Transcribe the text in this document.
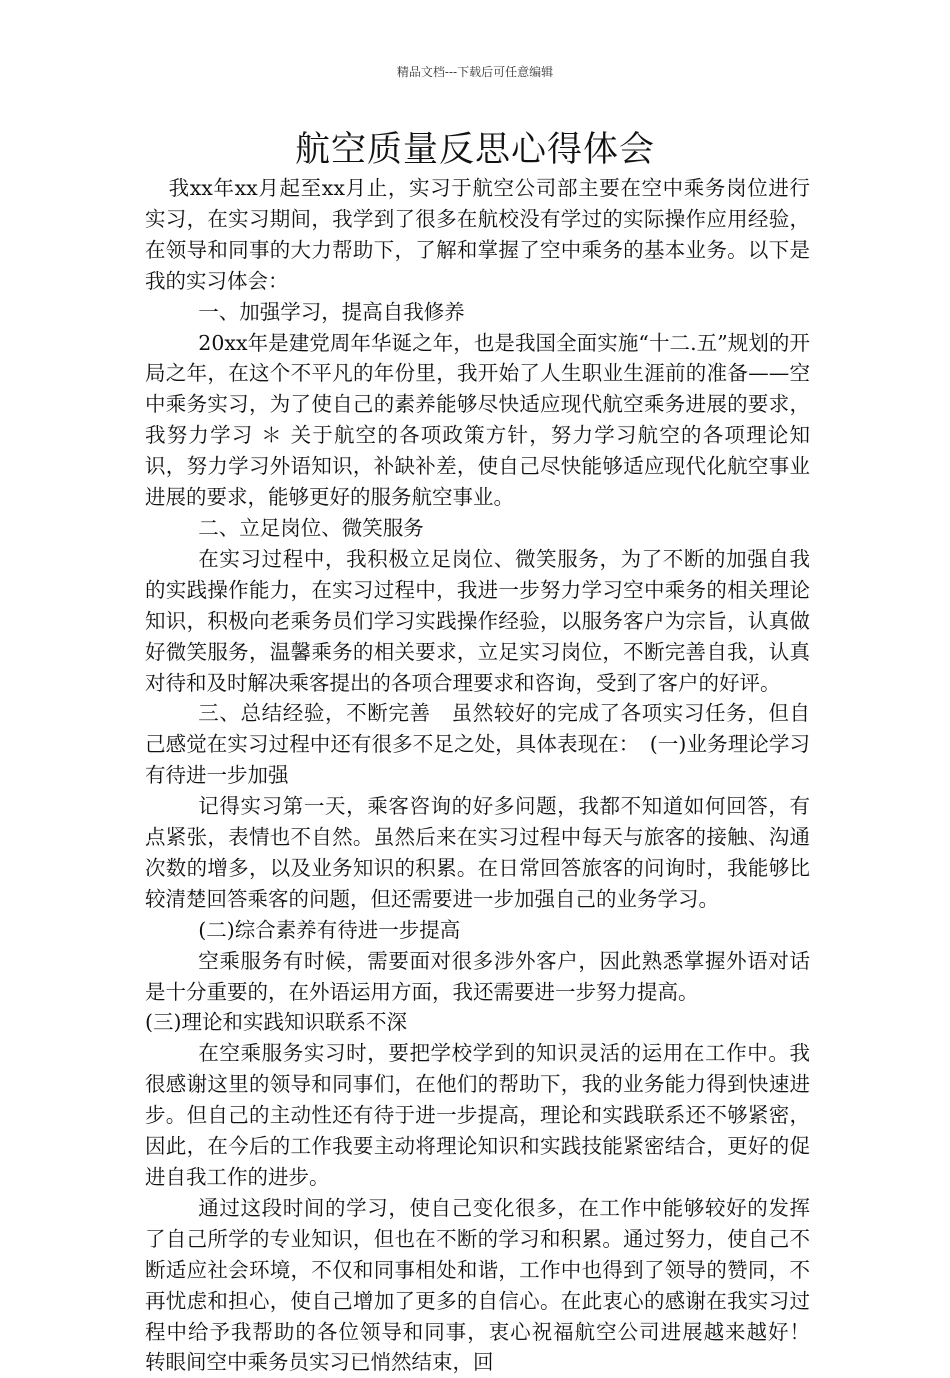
精品文档---下载后可任意编辑
航空质量反思心得体会

我xx年xx月起至xx月止，实习于航空公司部主要在空中乘务岗位进行实习，在实习期间，我学到了很多在航校没有学过的实际操作应用经验，在领导和同事的大力帮助下，了解和掌握了空中乘务的基本业务。以下是我的实习体会：

一、加强学习，提高自我修养

20xx年是建党周年华诞之年，也是我国全面实施“十二.五”规划的开局之年，在这个不平凡的年份里，我开始了人生职业生涯前的准备——空中乘务实习，为了使自己的素养能够尽快适应现代航空乘务进展的要求，我努力学习 ＊ 关于航空的各项政策方针，努力学习航空的各项理论知识，努力学习外语知识，补缺补差，使自己尽快能够适应现代化航空事业进展的要求，能够更好的服务航空事业。

二、立足岗位、微笑服务

在实习过程中，我积极立足岗位、微笑服务，为了不断的加强自我的实践操作能力，在实习过程中，我进一步努力学习空中乘务的相关理论知识，积极向老乘务员们学习实践操作经验，以服务客户为宗旨，认真做好微笑服务，温馨乘务的相关要求，立足实习岗位，不断完善自我，认真对待和及时解决乘客提出的各项合理要求和咨询，受到了客户的好评。

三、总结经验，不断完善　虽然较好的完成了各项实习任务，但自己感觉在实习过程中还有很多不足之处，具体表现在：　(一)业务理论学习有待进一步加强

记得实习第一天，乘客咨询的好多问题，我都不知道如何回答，有点紧张，表情也不自然。虽然后来在实习过程中每天与旅客的接触、沟通次数的增多，以及业务知识的积累。在日常回答旅客的问询时，我能够比较清楚回答乘客的问题，但还需要进一步加强自己的业务学习。

(二)综合素养有待进一步提高

空乘服务有时候，需要面对很多涉外客户，因此熟悉掌握外语对话是十分重要的，在外语运用方面，我还需要进一步努力提高。

(三)理论和实践知识联系不深

在空乘服务实习时，要把学校学到的知识灵活的运用在工作中。我很感谢这里的领导和同事们，在他们的帮助下，我的业务能力得到快速进步。但自己的主动性还有待于进一步提高，理论和实践联系还不够紧密，因此，在今后的工作我要主动将理论知识和实践技能紧密结合，更好的促进自我工作的进步。

通过这段时间的学习，使自己变化很多，在工作中能够较好的发挥了自己所学的专业知识，但也在不断的学习和积累。通过努力，使自己不断适应社会环境，不仅和同事相处和谐，工作中也得到了领导的赞同，不再忧虑和担心，使自己增加了更多的自信心。在此衷心的感谢在我实习过程中给予我帮助的各位领导和同事，衷心祝福航空公司进展越来越好！　转眼间空中乘务员实习已悄然结束，回
